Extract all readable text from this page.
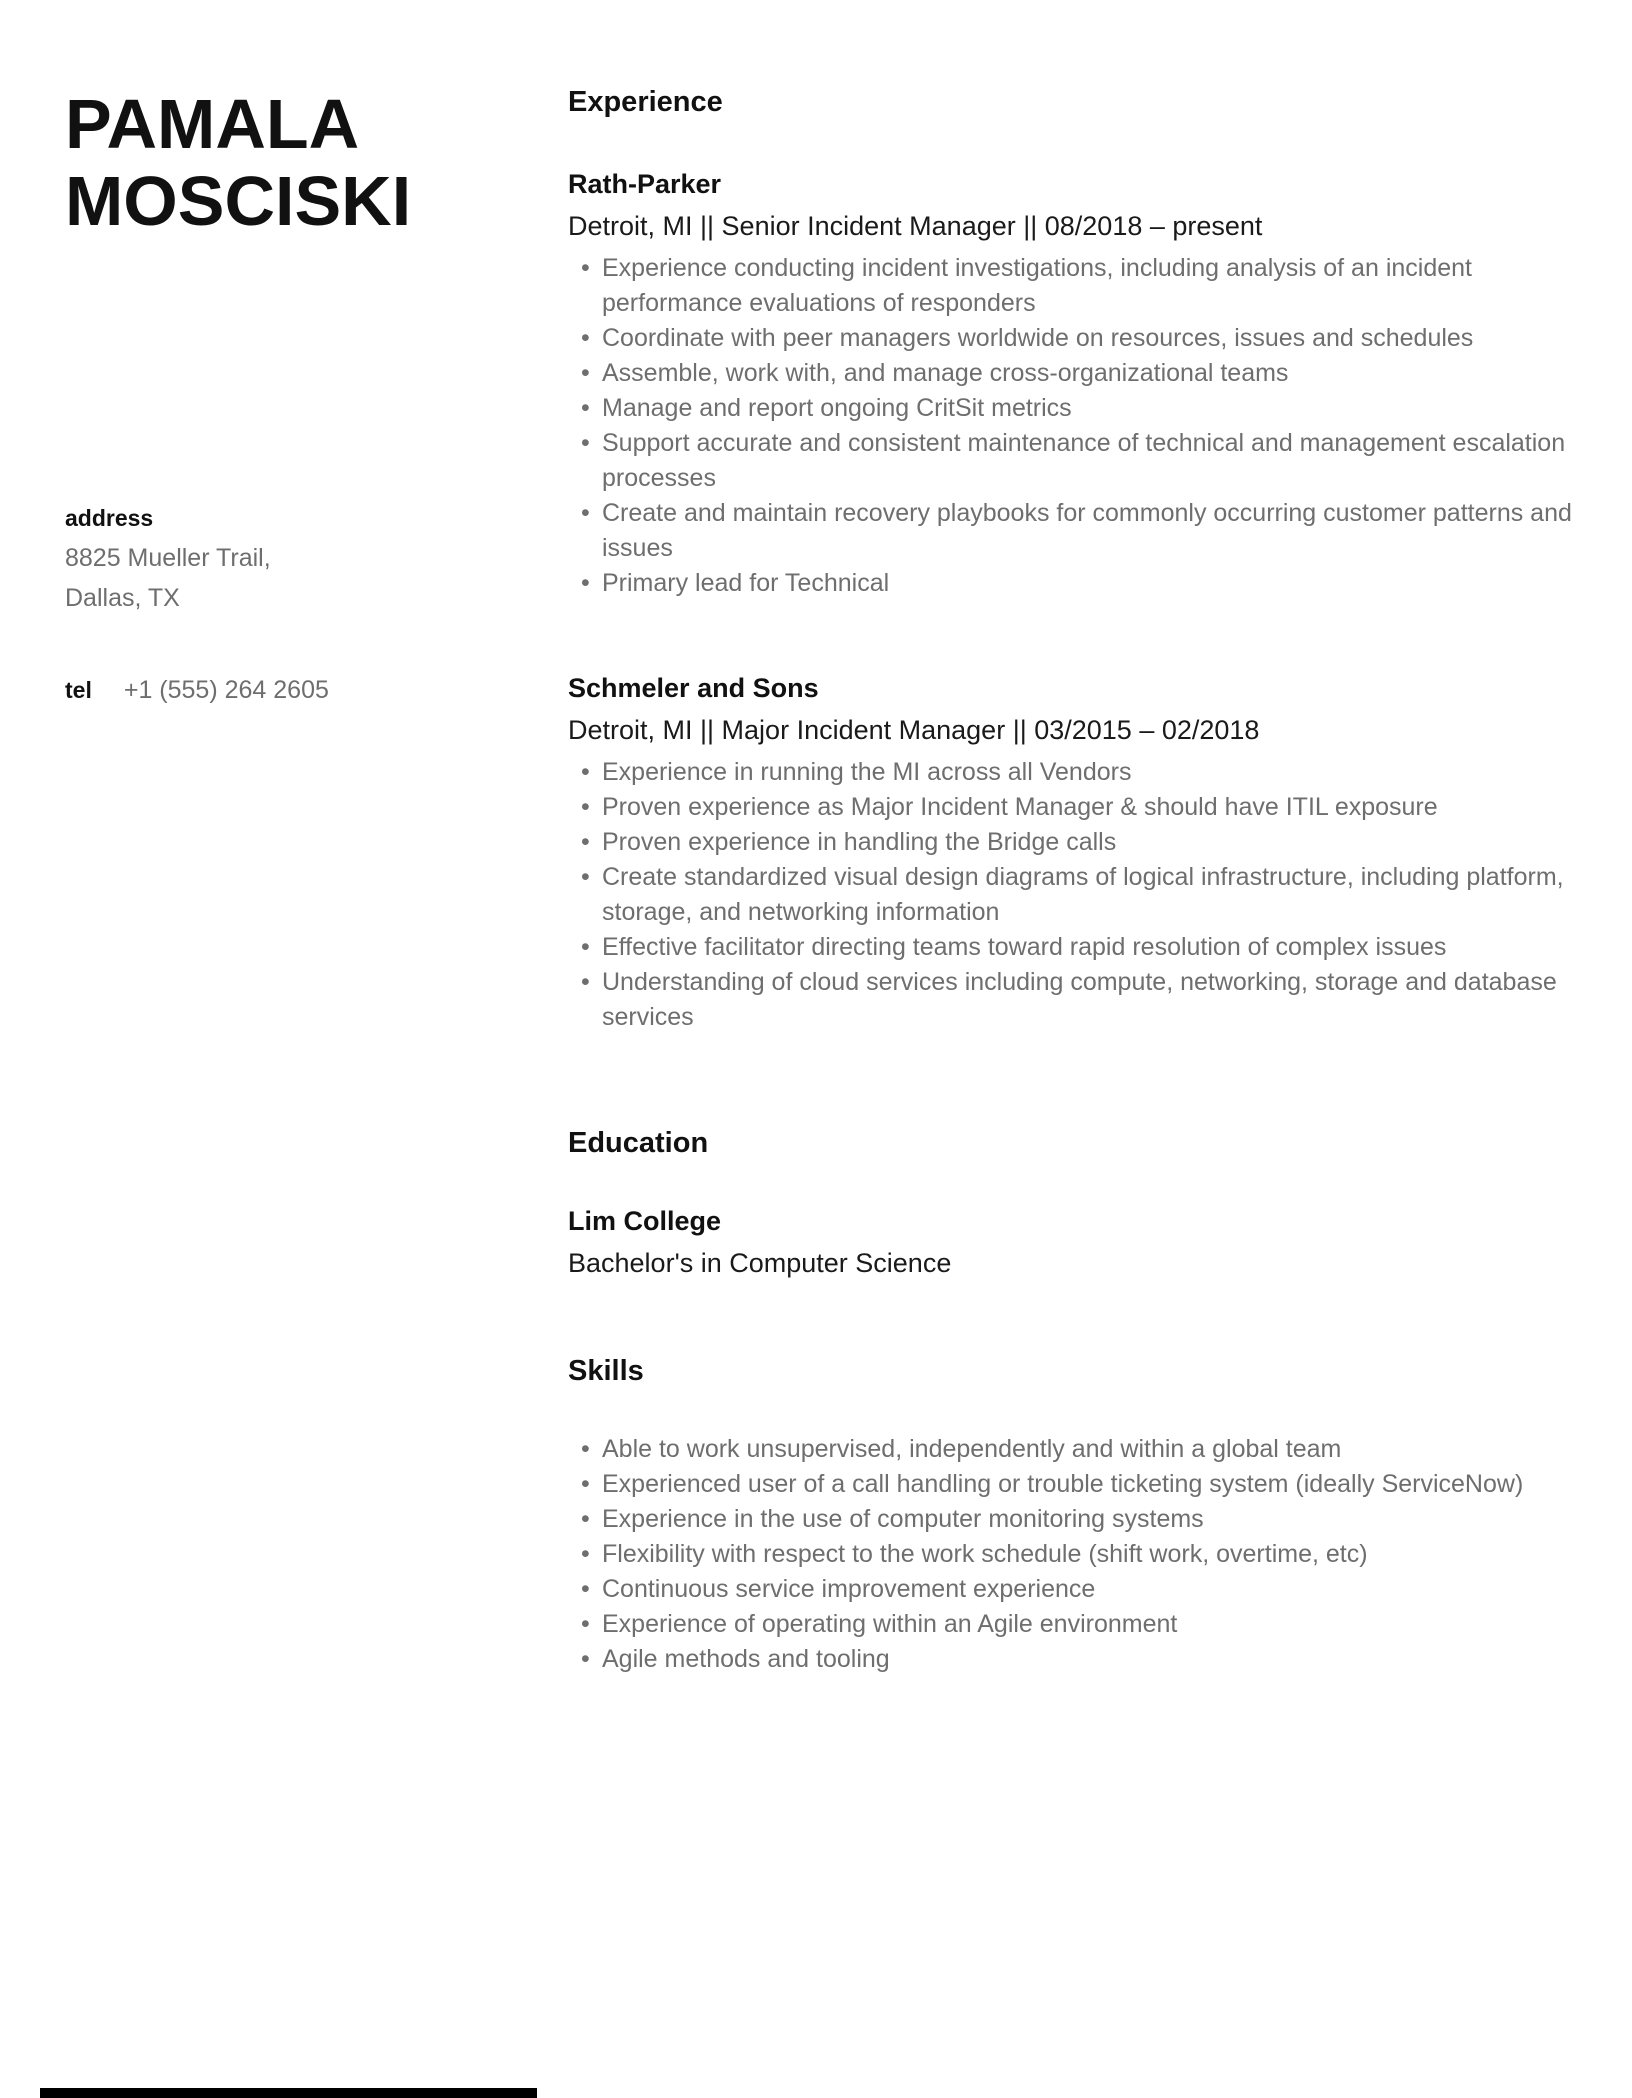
PAMALA
MOSCISKI
address
8825 Mueller Trail,
Dallas, TX
tel +1 (555) 264 2605
Experience
Rath-Parker

Detroit, MI || Senior Incident Manager || 08/2018 – present

• Experience conducting incident investigations, including analysis of an incident performance evaluations of responders
• Coordinate with peer managers worldwide on resources, issues and schedules
• Assemble, work with, and manage cross-organizational teams
• Manage and report ongoing CritSit metrics
• Support accurate and consistent maintenance of technical and management escalation processes
• Create and maintain recovery playbooks for commonly occurring customer patterns and issues
• Primary lead for Technical
Schmeler and Sons

Detroit, MI || Major Incident Manager || 03/2015 – 02/2018

• Experience in running the MI across all Vendors
• Proven experience as Major Incident Manager & should have ITIL exposure
• Proven experience in handling the Bridge calls
• Create standardized visual design diagrams of logical infrastructure, including platform, storage, and networking information
• Effective facilitator directing teams toward rapid resolution of complex issues
• Understanding of cloud services including compute, networking, storage and database services
Education
Lim College

Bachelor's in Computer Science

Skills
• Able to work unsupervised, independently and within a global team
• Experienced user of a call handling or trouble ticketing system (ideally ServiceNow)
• Experience in the use of computer monitoring systems
• Flexibility with respect to the work schedule (shift work, overtime, etc)
• Continuous service improvement experience
• Experience of operating within an Agile environment
• Agile methods and tooling
